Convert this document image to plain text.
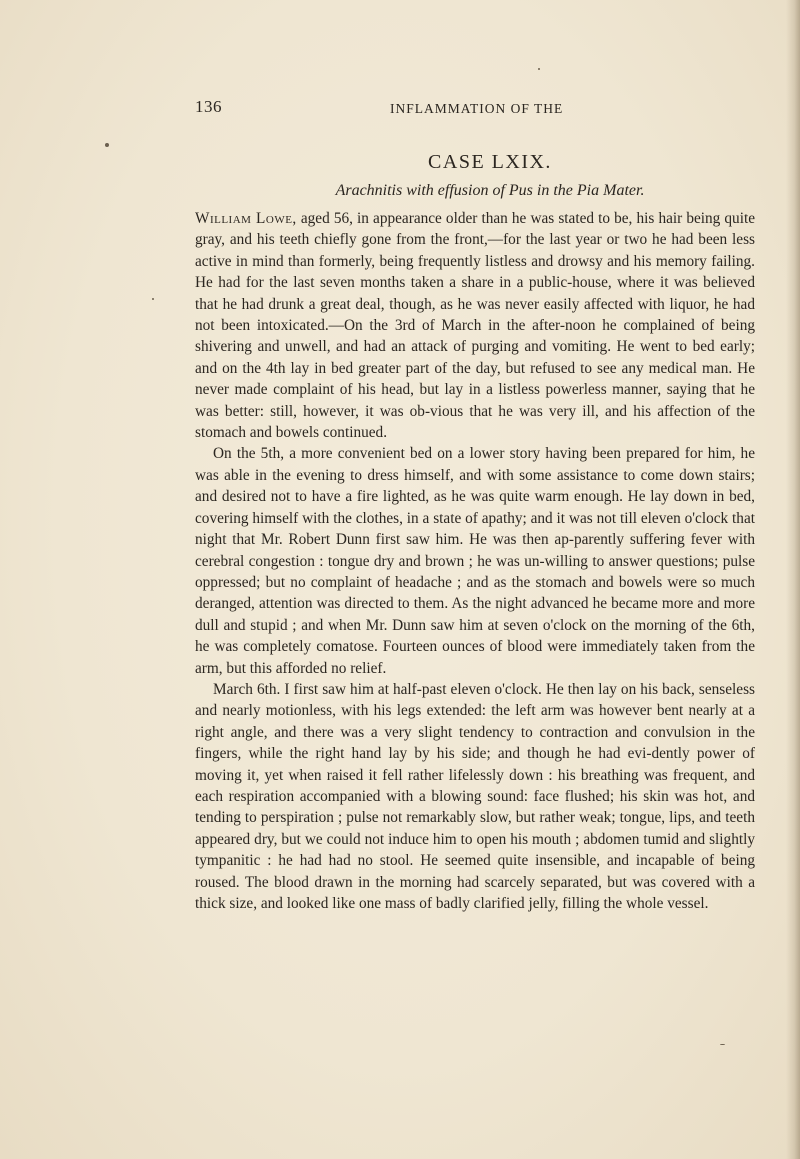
136	INFLAMMATION OF THE
CASE LXIX.
Arachnitis with effusion of Pus in the Pia Mater.

William Lowe, aged 56, in appearance older than he was stated to be, his hair being quite gray, and his teeth chiefly gone from the front,—for the last year or two he had been less active in mind than formerly, being frequently listless and drowsy and his memory failing. He had for the last seven months taken a share in a public-house, where it was believed that he had drunk a great deal, though, as he was never easily affected with liquor, he had not been intoxicated.—On the 3rd of March in the after-noon he complained of being shivering and unwell, and had an attack of purging and vomiting. He went to bed early; and on the 4th lay in bed greater part of the day, but refused to see any medical man. He never made complaint of his head, but lay in a listless powerless manner, saying that he was better: still, however, it was ob-vious that he was very ill, and his affection of the stomach and bowels continued.

On the 5th, a more convenient bed on a lower story having been prepared for him, he was able in the evening to dress himself, and with some assistance to come down stairs; and desired not to have a fire lighted, as he was quite warm enough. He lay down in bed, covering himself with the clothes, in a state of apathy; and it was not till eleven o'clock that night that Mr. Robert Dunn first saw him. He was then ap-parently suffering fever with cerebral congestion : tongue dry and brown ; he was un-willing to answer questions; pulse oppressed; but no complaint of headache ; and as the stomach and bowels were so much deranged, attention was directed to them. As the night advanced he became more and more dull and stupid ; and when Mr. Dunn saw him at seven o'clock on the morning of the 6th, he was completely comatose. Fourteen ounces of blood were immediately taken from the arm, but this afforded no relief.

March 6th. I first saw him at half-past eleven o'clock. He then lay on his back, senseless and nearly motionless, with his legs extended: the left arm was however bent nearly at a right angle, and there was a very slight tendency to contraction and convulsion in the fingers, while the right hand lay by his side; and though he had evi-dently power of moving it, yet when raised it fell rather lifelessly down : his breathing was frequent, and each respiration accompanied with a blowing sound: face flushed; his skin was hot, and tending to perspiration ; pulse not remarkably slow, but rather weak; tongue, lips, and teeth appeared dry, but we could not induce him to open his mouth ; abdomen tumid and slightly tympanitic : he had had no stool. He seemed quite insensible, and incapable of being roused. The blood drawn in the morning had scarcely separated, but was covered with a thick size, and looked like one mass of badly clarified jelly, filling the whole vessel.
